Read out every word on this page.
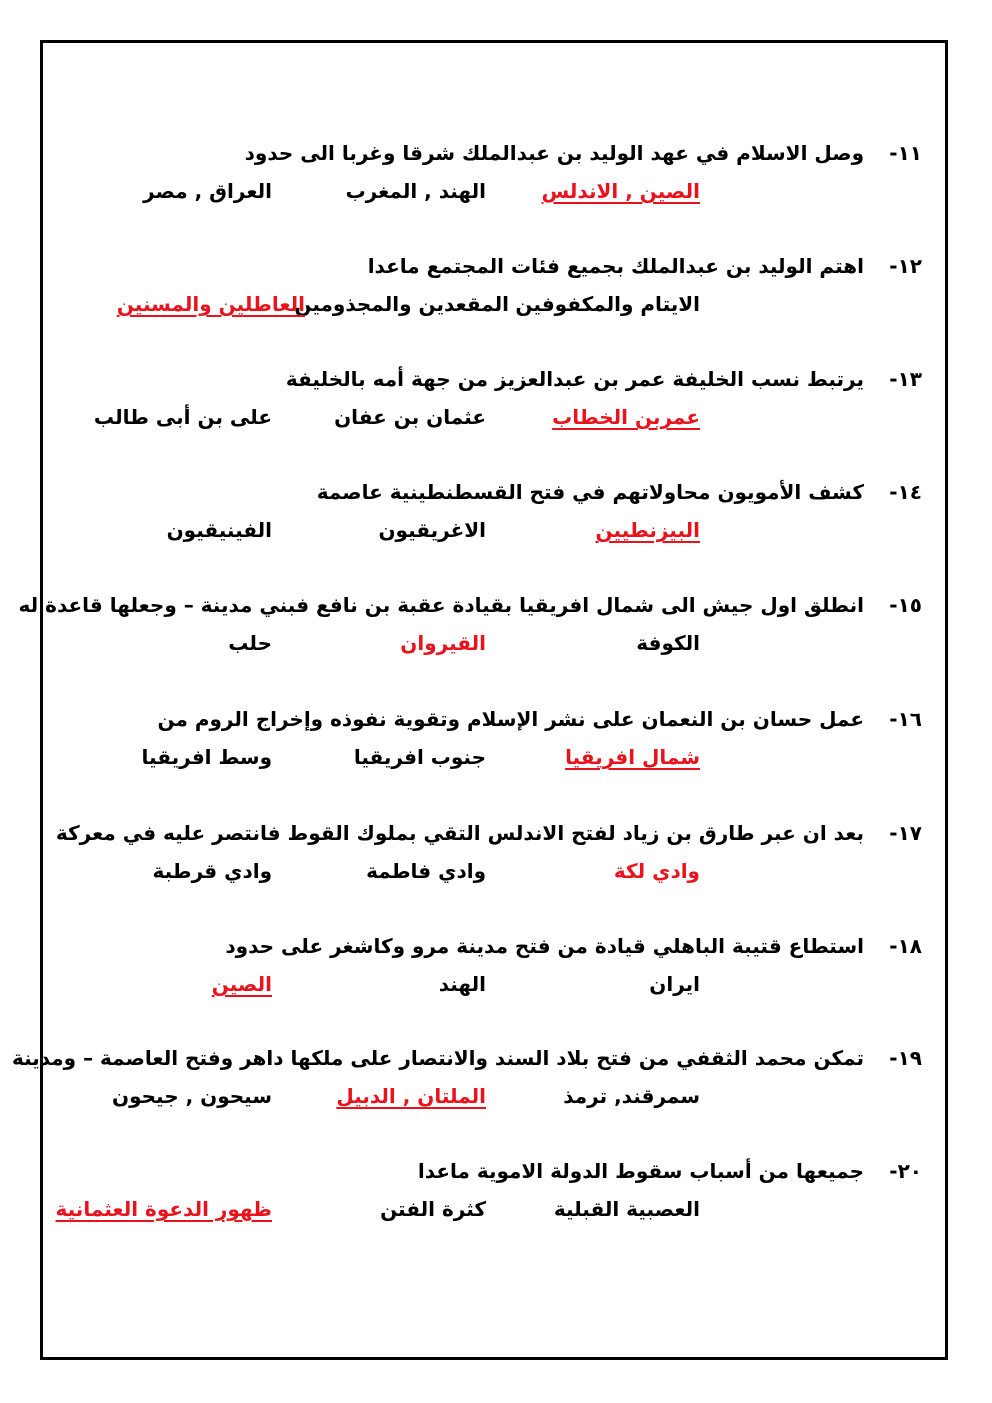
١١-وصل الاسلام في عهد الوليد بن عبدالملك شرقا وغربا الى حدود
الصين , الاندلس
الهند , المغرب
العراق , مصر
١٢-اهتم الوليد بن عبدالملك بجميع فئات المجتمع ماعدا
الايتام والمكفوفين
المقعدين والمجذومين
العاطلين والمسنين
١٣-يرتبط نسب الخليفة عمر بن عبدالعزيز من جهة أمه بالخليفة
عمربن الخطاب
عثمان بن عفان
على بن أبى طالب
١٤-كشف الأمويون محاولاتهم في فتح القسطنطينية عاصمة
البيزنطيين
الاغريقيون
الفينيقيون
١٥-انطلق اول جيش الى شمال افريقيا بقيادة عقبة بن نافع فبني مدينة – وجعلها قاعدة له
الكوفة
القيروان
حلب
١٦-عمل حسان بن النعمان على نشر الإسلام وتقوية نفوذه وإخراج الروم من
شمال افريقيا
جنوب افريقيا
وسط افريقيا
١٧-بعد ان عبر طارق بن زياد لفتح الاندلس التقي بملوك القوط فانتصر عليه في معركة
وادي لكة
وادي فاطمة
وادي قرطبة
١٨-استطاع قتيبة الباهلي قيادة من فتح مدينة مرو وكاشغر على حدود
ايران
الهند
الصين
١٩-تمكن محمد الثقفي من فتح بلاد السند والانتصار على ملكها داهر وفتح العاصمة – ومدينة
سمرقند, ترمذ
الملتان , الدبيل
سيحون , جيحون
٢٠-جميعها من أسباب سقوط الدولة الاموية ماعدا
العصبية القبلية
كثرة الفتن
ظهور الدعوة العثمانية
